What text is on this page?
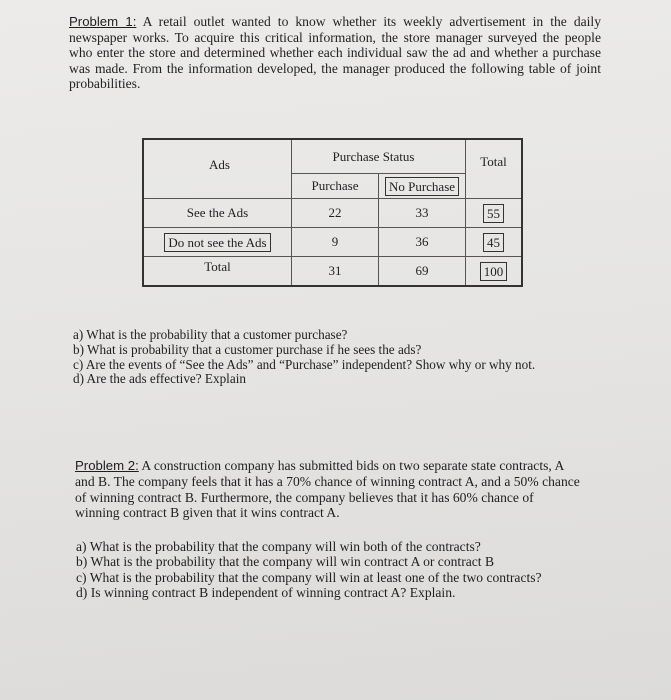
Problem 1: A retail outlet wanted to know whether its weekly advertisement in the daily newspaper works. To acquire this critical information, the store manager surveyed the people who enter the store and determined whether each individual saw the ad and whether a purchase was made. From the information developed, the manager produced the following table of joint probabilities.
Ads	Purchase Status		Total
	Purchase	No Purchase	
See the Ads	22	33	55
Do not see the Ads	9	36	45
Total	31	69	100
a) What is the probability that a customer purchase?
b) What is probability that a customer purchase if he sees the ads?
c) Are the events of “See the Ads” and “Purchase” independent? Show why or why not.
d) Are the ads effective? Explain
Problem 2: A construction company has submitted bids on two separate state contracts, A and B. The company feels that it has a 70% chance of winning contract A, and a 50% chance of winning contract B. Furthermore, the company believes that it has 60% chance of winning contract B given that it wins contract A.
a) What is the probability that the company will win both of the contracts?
b) What is the probability that the company will win contract A or contract B
c) What is the probability that the company will win at least one of the two contracts?
d) Is winning contract B independent of winning contract A? Explain.
